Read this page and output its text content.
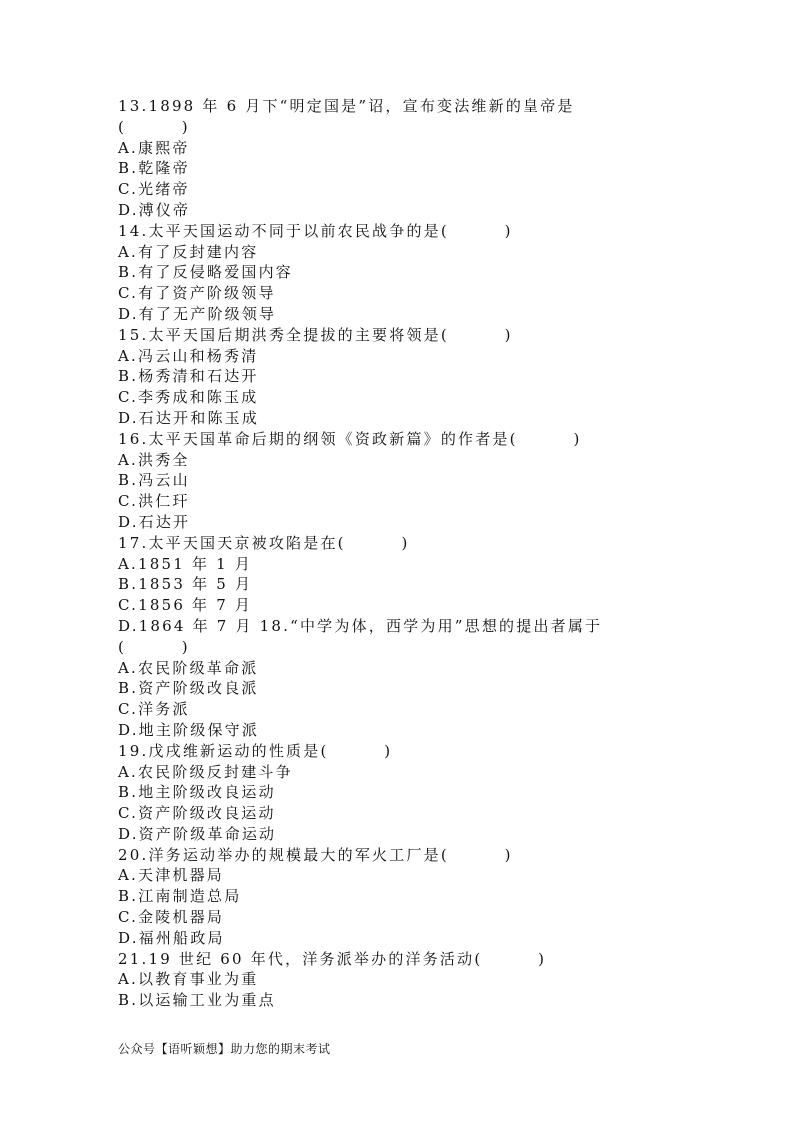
13.1898 年 6 月下“明定国是”诏，宣布变法维新的皇帝是
(        )
A.康熙帝
B.乾隆帝
C.光绪帝
D.溥仪帝
14.太平天国运动不同于以前农民战争的是(        )
A.有了反封建内容
B.有了反侵略爱国内容
C.有了资产阶级领导
D.有了无产阶级领导
15.太平天国后期洪秀全提拔的主要将领是(        )
A.冯云山和杨秀清
B.杨秀清和石达开
C.李秀成和陈玉成
D.石达开和陈玉成
16.太平天国革命后期的纲领《资政新篇》的作者是(        )
A.洪秀全
B.冯云山
C.洪仁玕
D.石达开
17.太平天国天京被攻陷是在(        )
A.1851 年 1 月
B.1853 年 5 月
C.1856 年 7 月
D.1864 年 7 月 18.“中学为体，西学为用”思想的提出者属于
(        )
A.农民阶级革命派
B.资产阶级改良派
C.洋务派
D.地主阶级保守派
19.戊戌维新运动的性质是(        )
A.农民阶级反封建斗争
B.地主阶级改良运动
C.资产阶级改良运动
D.资产阶级革命运动
20.洋务运动举办的规模最大的军火工厂是(        )
A.天津机器局
B.江南制造总局
C.金陵机器局
D.福州船政局
21.19 世纪 60 年代，洋务派举办的洋务活动(        )
A.以教育事业为重
B.以运输工业为重点
公众号【语听颖想】助力您的期末考试
